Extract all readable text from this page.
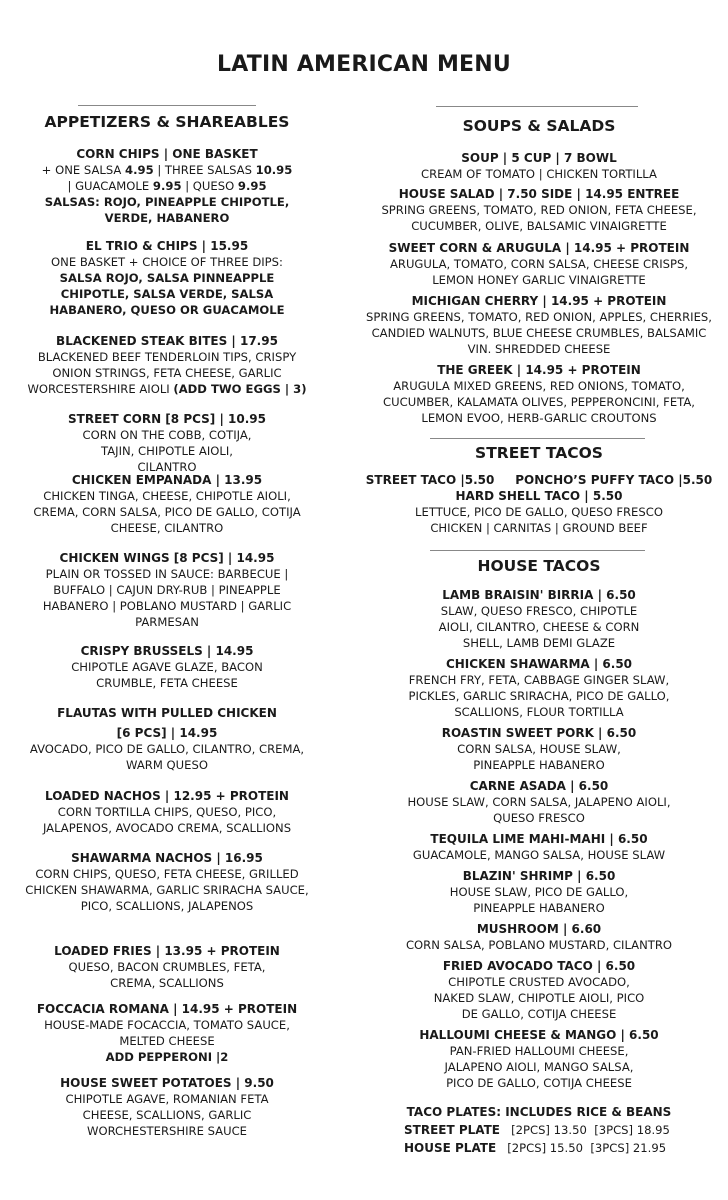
LATIN AMERICAN MENU
APPETIZERS & SHAREABLES
CORN CHIPS | ONE BASKET
+ ONE SALSA 4.95 | THREE SALSAS 10.95
| GUACAMOLE 9.95 | QUESO 9.95
SALSAS: ROJO, PINEAPPLE CHIPOTLE,
VERDE, HABANERO
EL TRIO & CHIPS | 15.95
ONE BASKET + CHOICE OF THREE DIPS:
SALSA ROJO, SALSA PINNEAPPLE CHIPOTLE, SALSA VERDE, SALSA HABANERO, QUESO OR GUACAMOLE
BLACKENED STEAK BITES | 17.95
BLACKENED BEEF TENDERLOIN TIPS, CRISPY ONION STRINGS, FETA CHEESE, GARLIC WORCESTERSHIRE AIOLI (ADD TWO EGGS | 3)
STREET CORN [8 PCS] | 10.95
CORN ON THE COBB, COTIJA, TAJIN, CHIPOTLE AIOLI, CILANTRO
CHICKEN EMPANADA | 13.95
CHICKEN TINGA, CHEESE, CHIPOTLE AIOLI, CREMA, CORN SALSA, PICO DE GALLO, COTIJA CHEESE, CILANTRO
CHICKEN WINGS [8 PCS] | 14.95
PLAIN OR TOSSED IN SAUCE: BARBECUE | BUFFALO | CAJUN DRY-RUB | PINEAPPLE HABANERO | POBLANO MUSTARD | GARLIC PARMESAN
CRISPY BRUSSELS | 14.95
CHIPOTLE AGAVE GLAZE, BACON CRUMBLE, FETA CHEESE
FLAUTAS WITH PULLED CHICKEN
[6 PCS] | 14.95
AVOCADO, PICO DE GALLO, CILANTRO, CREMA, WARM QUESO
LOADED NACHOS | 12.95 + PROTEIN
CORN TORTILLA CHIPS, QUESO, PICO, JALAPENOS, AVOCADO CREMA, SCALLIONS
SHAWARMA NACHOS | 16.95
CORN CHIPS, QUESO, FETA CHEESE, GRILLED CHICKEN SHAWARMA, GARLIC SRIRACHA SAUCE, PICO, SCALLIONS, JALAPENOS
LOADED FRIES | 13.95 + PROTEIN
QUESO, BACON CRUMBLES, FETA, CREMA, SCALLIONS
FOCCACIA ROMANA | 14.95 + PROTEIN
HOUSE-MADE FOCACCIA, TOMATO SAUCE, MELTED CHEESE
ADD PEPPERONI |2
HOUSE SWEET POTATOES | 9.50
CHIPOTLE AGAVE, ROMANIAN FETA CHEESE, SCALLIONS, GARLIC WORCHESTERSHIRE SAUCE
SOUPS & SALADS
SOUP | 5 CUP | 7 BOWL
CREAM OF TOMATO | CHICKEN TORTILLA
HOUSE SALAD | 7.50 SIDE | 14.95 ENTREE
SPRING GREENS, TOMATO, RED ONION, FETA CHEESE, CUCUMBER, OLIVE, BALSAMIC VINAIGRETTE
SWEET CORN & ARUGULA | 14.95 + PROTEIN
ARUGULA, TOMATO, CORN SALSA, CHEESE CRISPS, LEMON HONEY GARLIC VINAIGRETTE
MICHIGAN CHERRY | 14.95 + PROTEIN
SPRING GREENS, TOMATO, RED ONION, APPLES, CHERRIES, CANDIED WALNUTS, BLUE CHEESE CRUMBLES, BALSAMIC VIN. SHREDDED CHEESE
THE GREEK | 14.95 + PROTEIN
ARUGULA MIXED GREENS, RED ONIONS, TOMATO, CUCUMBER, KALAMATA OLIVES, PEPPERONCINI, FETA, LEMON EVOO, HERB-GARLIC CROUTONS
STREET TACOS
STREET TACO |5.50 PONCHO’S PUFFY TACO |5.50
HARD SHELL TACO | 5.50
LETTUCE, PICO DE GALLO, QUESO FRESCO
CHICKEN | CARNITAS | GROUND BEEF
HOUSE TACOS
LAMB BRAISIN' BIRRIA | 6.50
SLAW, QUESO FRESCO, CHIPOTLE AIOLI, CILANTRO, CHEESE & CORN SHELL, LAMB DEMI GLAZE
CHICKEN SHAWARMA | 6.50
FRENCH FRY, FETA, CABBAGE GINGER SLAW, PICKLES, GARLIC SRIRACHA, PICO DE GALLO, SCALLIONS, FLOUR TORTILLA
ROASTIN SWEET PORK | 6.50
CORN SALSA, HOUSE SLAW, PINEAPPLE HABANERO
CARNE ASADA | 6.50
HOUSE SLAW, CORN SALSA, JALAPENO AIOLI, QUESO FRESCO
TEQUILA LIME MAHI-MAHI | 6.50
GUACAMOLE, MANGO SALSA, HOUSE SLAW
BLAZIN' SHRIMP | 6.50
HOUSE SLAW, PICO DE GALLO, PINEAPPLE HABANERO
MUSHROOM | 6.60
CORN SALSA, POBLANO MUSTARD, CILANTRO
FRIED AVOCADO TACO | 6.50
CHIPOTLE CRUSTED AVOCADO, NAKED SLAW, CHIPOTLE AIOLI, PICO DE GALLO, COTIJA CHEESE
HALLOUMI CHEESE & MANGO | 6.50
PAN-FRIED HALLOUMI CHEESE, JALAPENO AIOLI, MANGO SALSA, PICO DE GALLO, COTIJA CHEESE
TACO PLATES: INCLUDES RICE & BEANS
STREET PLATE [2PCS] 13.50  [3PCS] 18.95
HOUSE PLATE [2PCS] 15.50  [3PCS] 21.95
